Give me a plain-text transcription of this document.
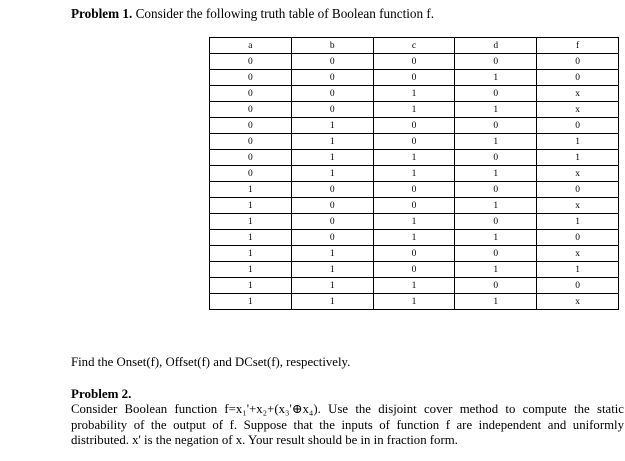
Problem 1. Consider the following truth table of Boolean function f.
a	b	c	d	f
0	0	0	0	0
0	0	0	1	0
0	0	1	0	x
0	0	1	1	x
0	1	0	0	0
0	1	0	1	1
0	1	1	0	1
0	1	1	1	x
1	0	0	0	0
1	0	0	1	x
1	0	1	0	1
1	0	1	1	0
1	1	0	0	x
1	1	0	1	1
1	1	1	0	0
1	1	1	1	x
Find the Onset(f), Offset(f) and DCset(f), respectively.
Problem 2.
Consider Boolean function f=x₁'+x₂+(x₃'⊕x₄). Use the disjoint cover method to compute the static probability of the output of f. Suppose that the inputs of function f are independent and uniformly distributed. x' is the negation of x. Your result should be in in fraction form.
